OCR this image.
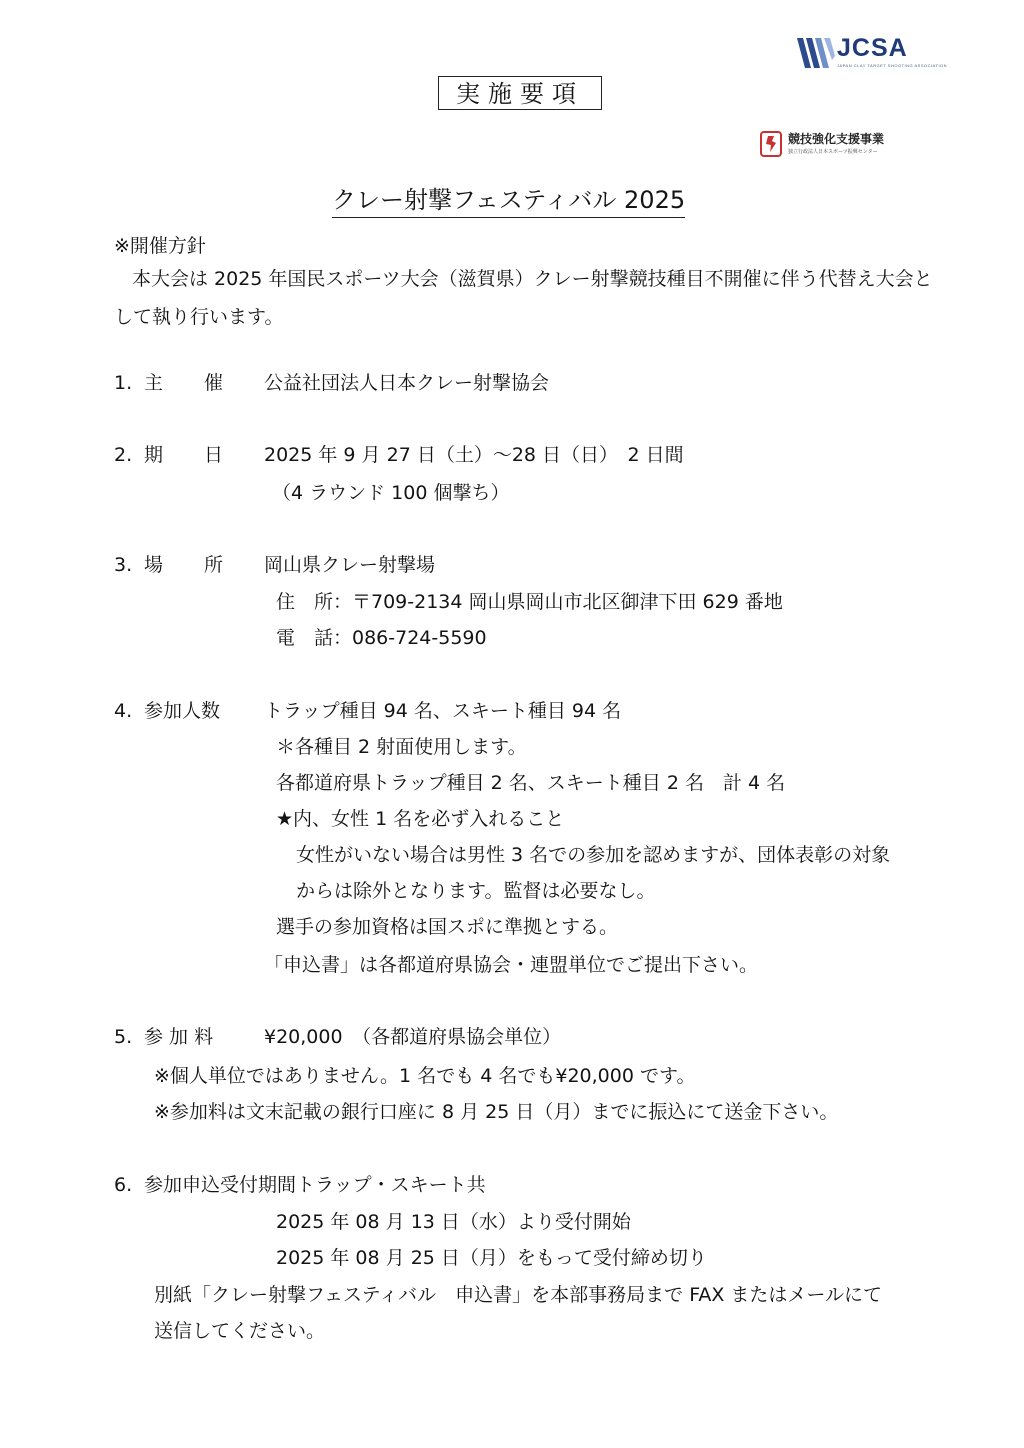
JCSA
JAPAN CLAY TARGET SHOOTING ASSOCIATION
実施要項
競技強化支援事業
独立行政法人日本スポーツ振興センター
クレー射撃フェスティバル 2025
※開催方針
本大会は 2025 年国民スポーツ大会（滋賀県）クレー射撃競技種目不開催に伴う代替え大会と
して執り行います。
1. 主 催 公益社団法人日本クレー射撃協会
2. 期 日 2025 年 9 月 27 日（土）～28 日（日）　2 日間
（4 ラウンド 100 個撃ち）
3. 場 所 岡山県クレー射撃場
住　所：〒709-2134 岡山県岡山市北区御津下田 629 番地
電　話：086-724-5590
4. 参加人数 トラップ種目 94 名、スキート種目 94 名
＊各種目 2 射面使用します。
各都道府県トラップ種目 2 名、スキート種目 2 名　計 4 名
★内、女性 1 名を必ず入れること
女性がいない場合は男性 3 名での参加を認めますが、団体表彰の対象
からは除外となります。監督は必要なし。
選手の参加資格は国スポに準拠とする。
「申込書」は各都道府県協会・連盟単位でご提出下さい。
5. 参 加 料	¥20,000　（各都道府県協会単位）
※個人単位ではありません。1 名でも 4 名でも¥20,000 です。
※参加料は文末記載の銀行口座に 8 月 25 日（月）までに振込にて送金下さい。
6. 参加申込受付期間トラップ・スキート共
2025 年 08 月 13 日（水）より受付開始
2025 年 08 月 25 日（月）をもって受付締め切り
別紙「クレー射撃フェスティバル　申込書」を本部事務局まで FAX またはメールにて
送信してください。
